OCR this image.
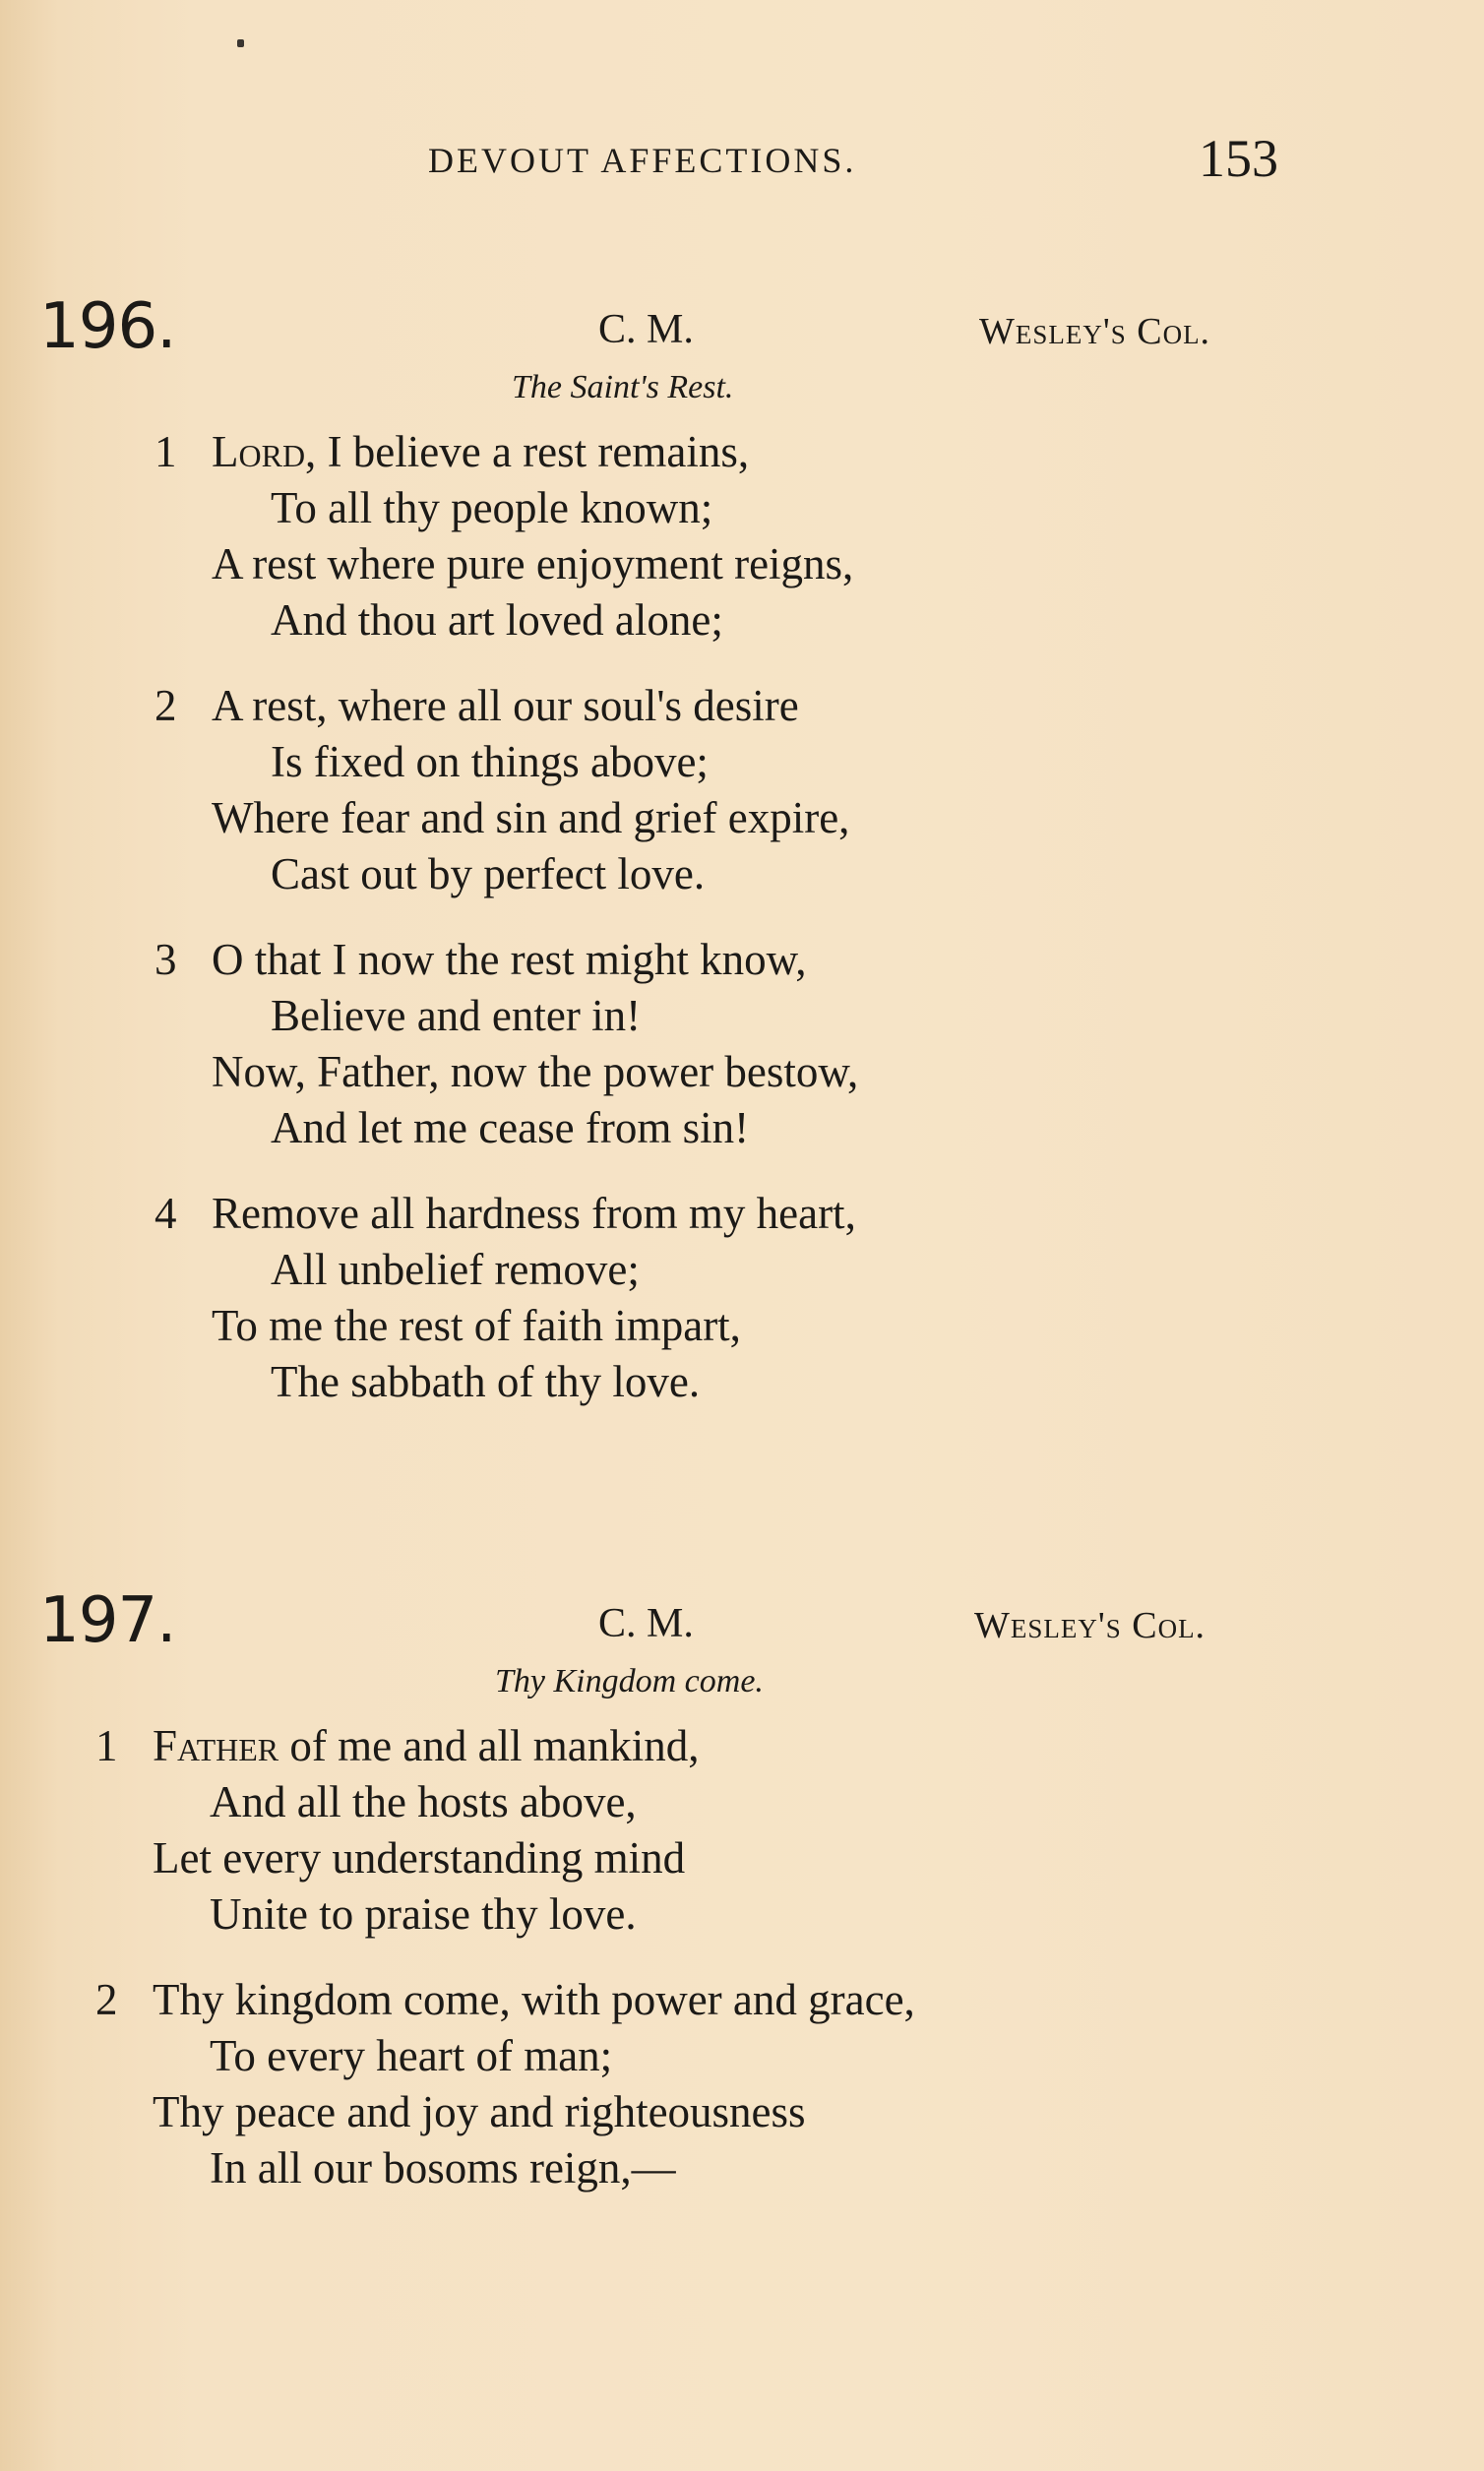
DEVOUT AFFECTIONS.	153
196.	C. M.	Wesley's Col.
The Saint's Rest.
1 Lord, I believe a rest remains,
To all thy people known;
A rest where pure enjoyment reigns,
And thou art loved alone;
2 A rest, where all our soul's desire
Is fixed on things above;
Where fear and sin and grief expire,
Cast out by perfect love.
3 O that I now the rest might know,
Believe and enter in!
Now, Father, now the power bestow,
And let me cease from sin!
4 Remove all hardness from my heart,
All unbelief remove;
To me the rest of faith impart,
The sabbath of thy love.
197.	C. M.	Wesley's Col.
Thy Kingdom come.
1 Father of me and all mankind,
And all the hosts above,
Let every understanding mind
Unite to praise thy love.
2 Thy kingdom come, with power and grace,
To every heart of man;
Thy peace and joy and righteousness
In all our bosoms reign,—
